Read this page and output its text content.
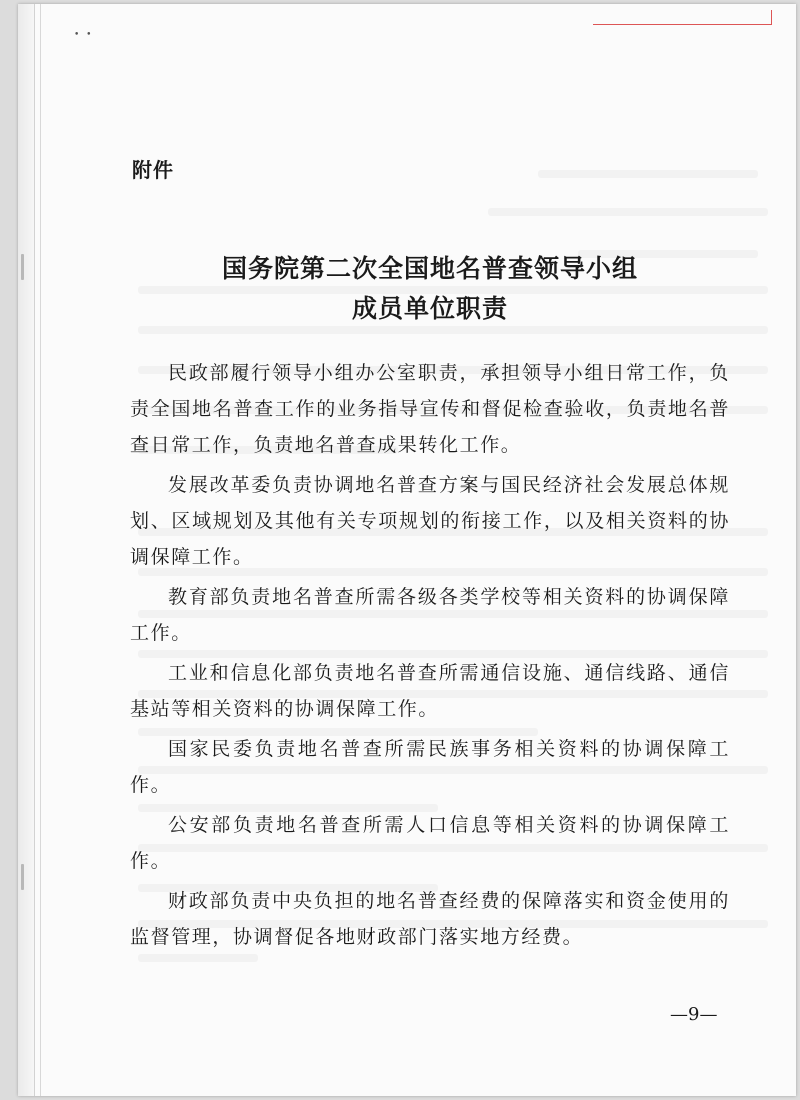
• •
附件
国务院第二次全国地名普查领导小组
成员单位职责

民政部履行领导小组办公室职责，承担领导小组日常工作，负责全国地名普查工作的业务指导宣传和督促检查验收，负责地名普查日常工作，负责地名普查成果转化工作。

发展改革委负责协调地名普查方案与国民经济社会发展总体规划、区域规划及其他有关专项规划的衔接工作，以及相关资料的协调保障工作。

教育部负责地名普查所需各级各类学校等相关资料的协调保障工作。

工业和信息化部负责地名普查所需通信设施、通信线路、通信基站等相关资料的协调保障工作。

国家民委负责地名普查所需民族事务相关资料的协调保障工作。

公安部负责地名普查所需人口信息等相关资料的协调保障工作。

财政部负责中央负担的地名普查经费的保障落实和资金使用的监督管理，协调督促各地财政部门落实地方经费。

—9—
